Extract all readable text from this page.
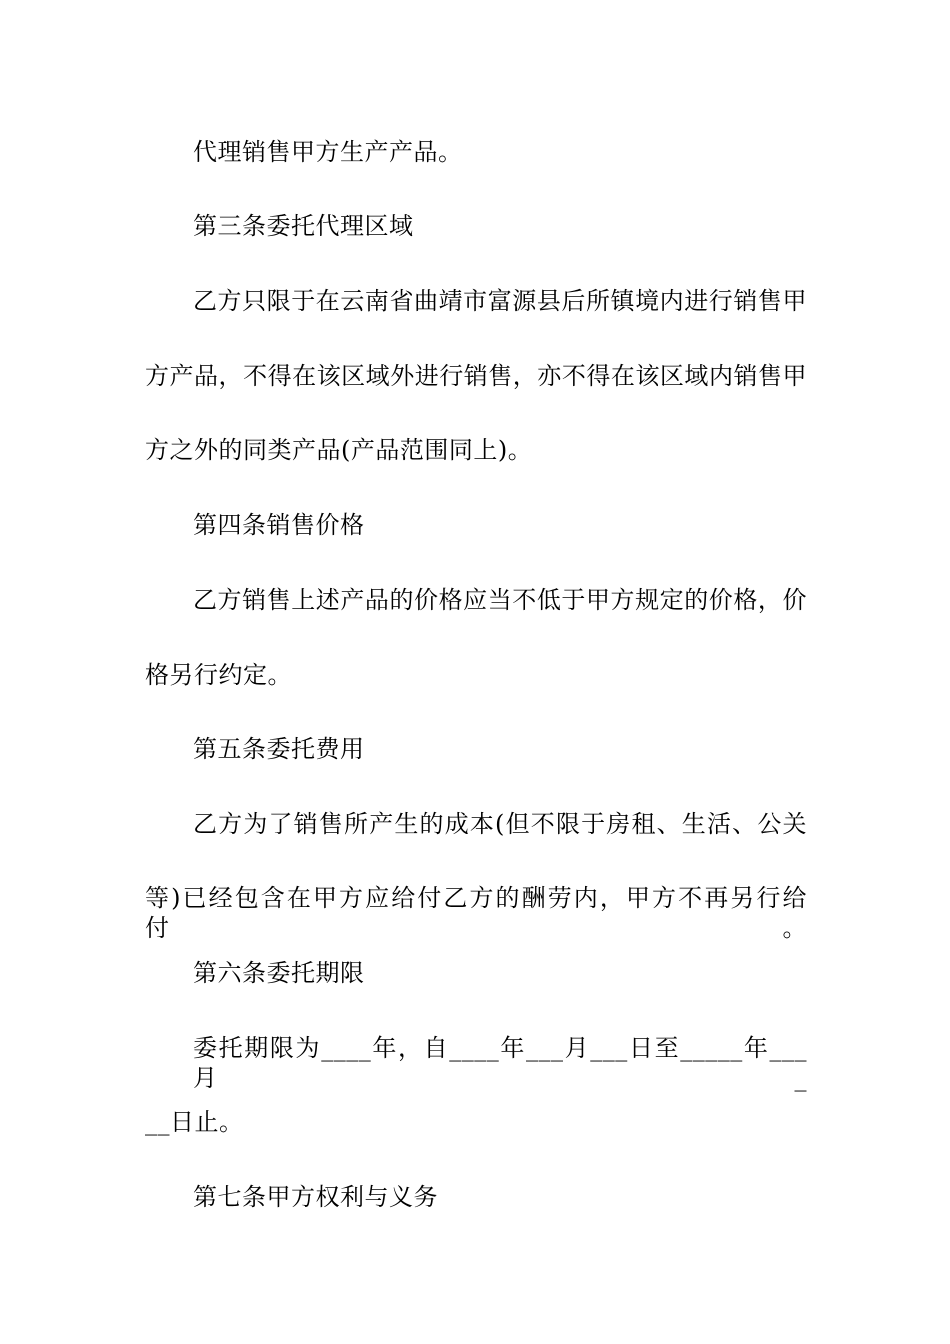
代理销售甲方生产产品。
第三条委托代理区域
乙方只限于在云南省曲靖市富源县后所镇境内进行销售甲
方产品，不得在该区域外进行销售，亦不得在该区域内销售甲
方之外的同类产品(产品范围同上)。
第四条销售价格
乙方销售上述产品的价格应当不低于甲方规定的价格，价
格另行约定。
第五条委托费用
乙方为了销售所产生的成本(但不限于房租、生活、公关
等)已经包含在甲方应给付乙方的酬劳内，甲方不再另行给付。
第六条委托期限
委托期限为____年，自____年___月___日至_____年___月_
__日止。
第七条甲方权利与义务
